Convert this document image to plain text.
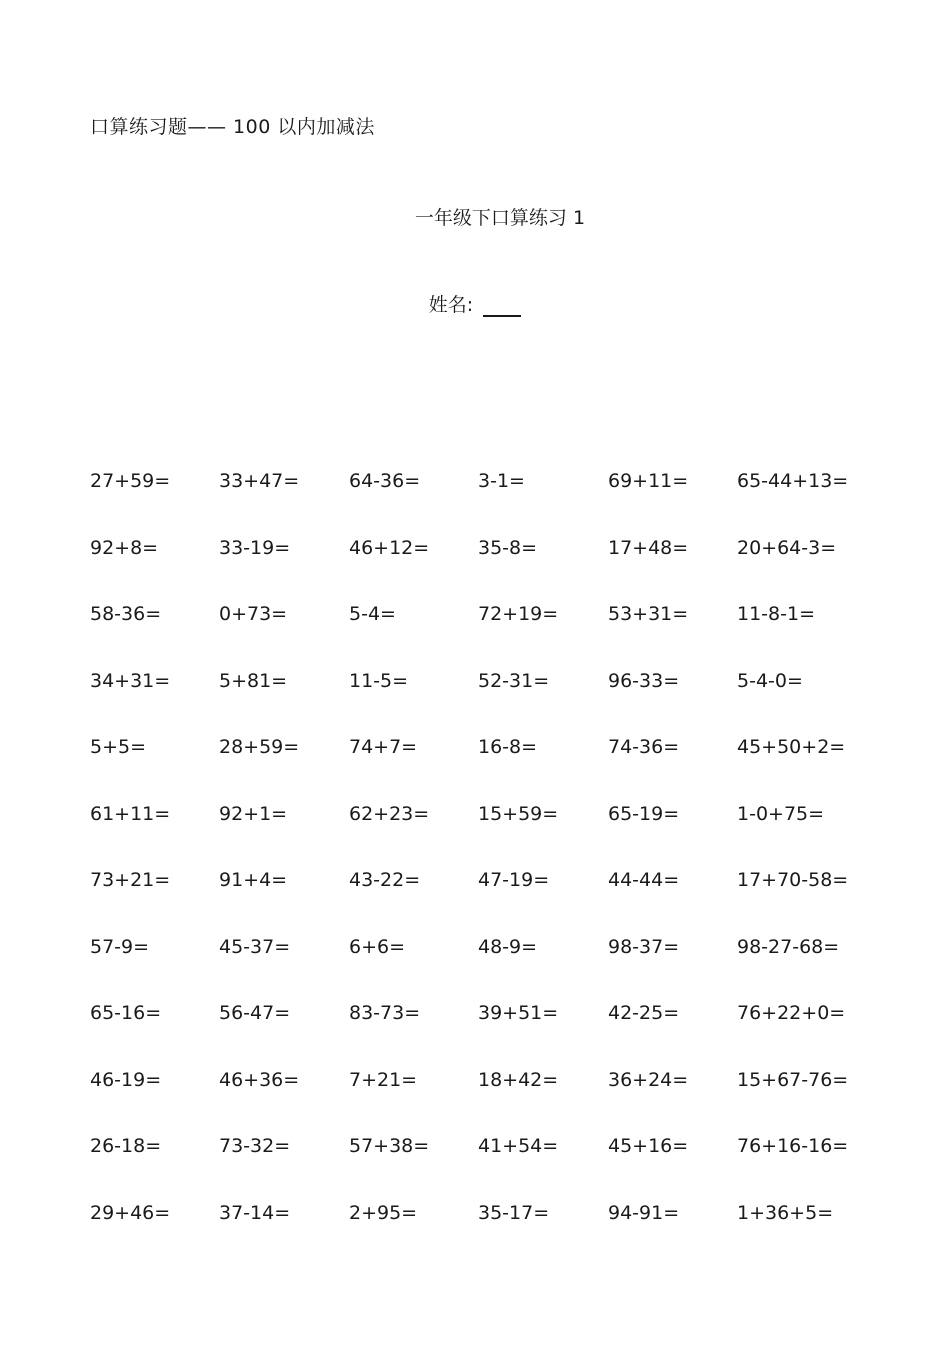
口算练习题—— 100 以内加减法
一年级下口算练习 1
姓名:
27+59=	33+47=	64-36=	3-1=	69+11=	65-44+13=
92+8=	33-19=	46+12=	35-8=	17+48=	20+64-3=
58-36=	0+73=	5-4=	72+19=	53+31=	11-8-1=
34+31=	5+81=	11-5=	52-31=	96-33=	5-4-0=
5+5=	28+59=	74+7=	16-8=	74-36=	45+50+2=
61+11=	92+1=	62+23=	15+59=	65-19=	1-0+75=
73+21=	91+4=	43-22=	47-19=	44-44=	17+70-58=
57-9=	45-37=	6+6=	48-9=	98-37=	98-27-68=
65-16=	56-47=	83-73=	39+51=	42-25=	76+22+0=
46-19=	46+36=	7+21=	18+42=	36+24=	15+67-76=
26-18=	73-32=	57+38=	41+54=	45+16=	76+16-16=
29+46=	37-14=	2+95=	35-17=	94-91=	1+36+5=
